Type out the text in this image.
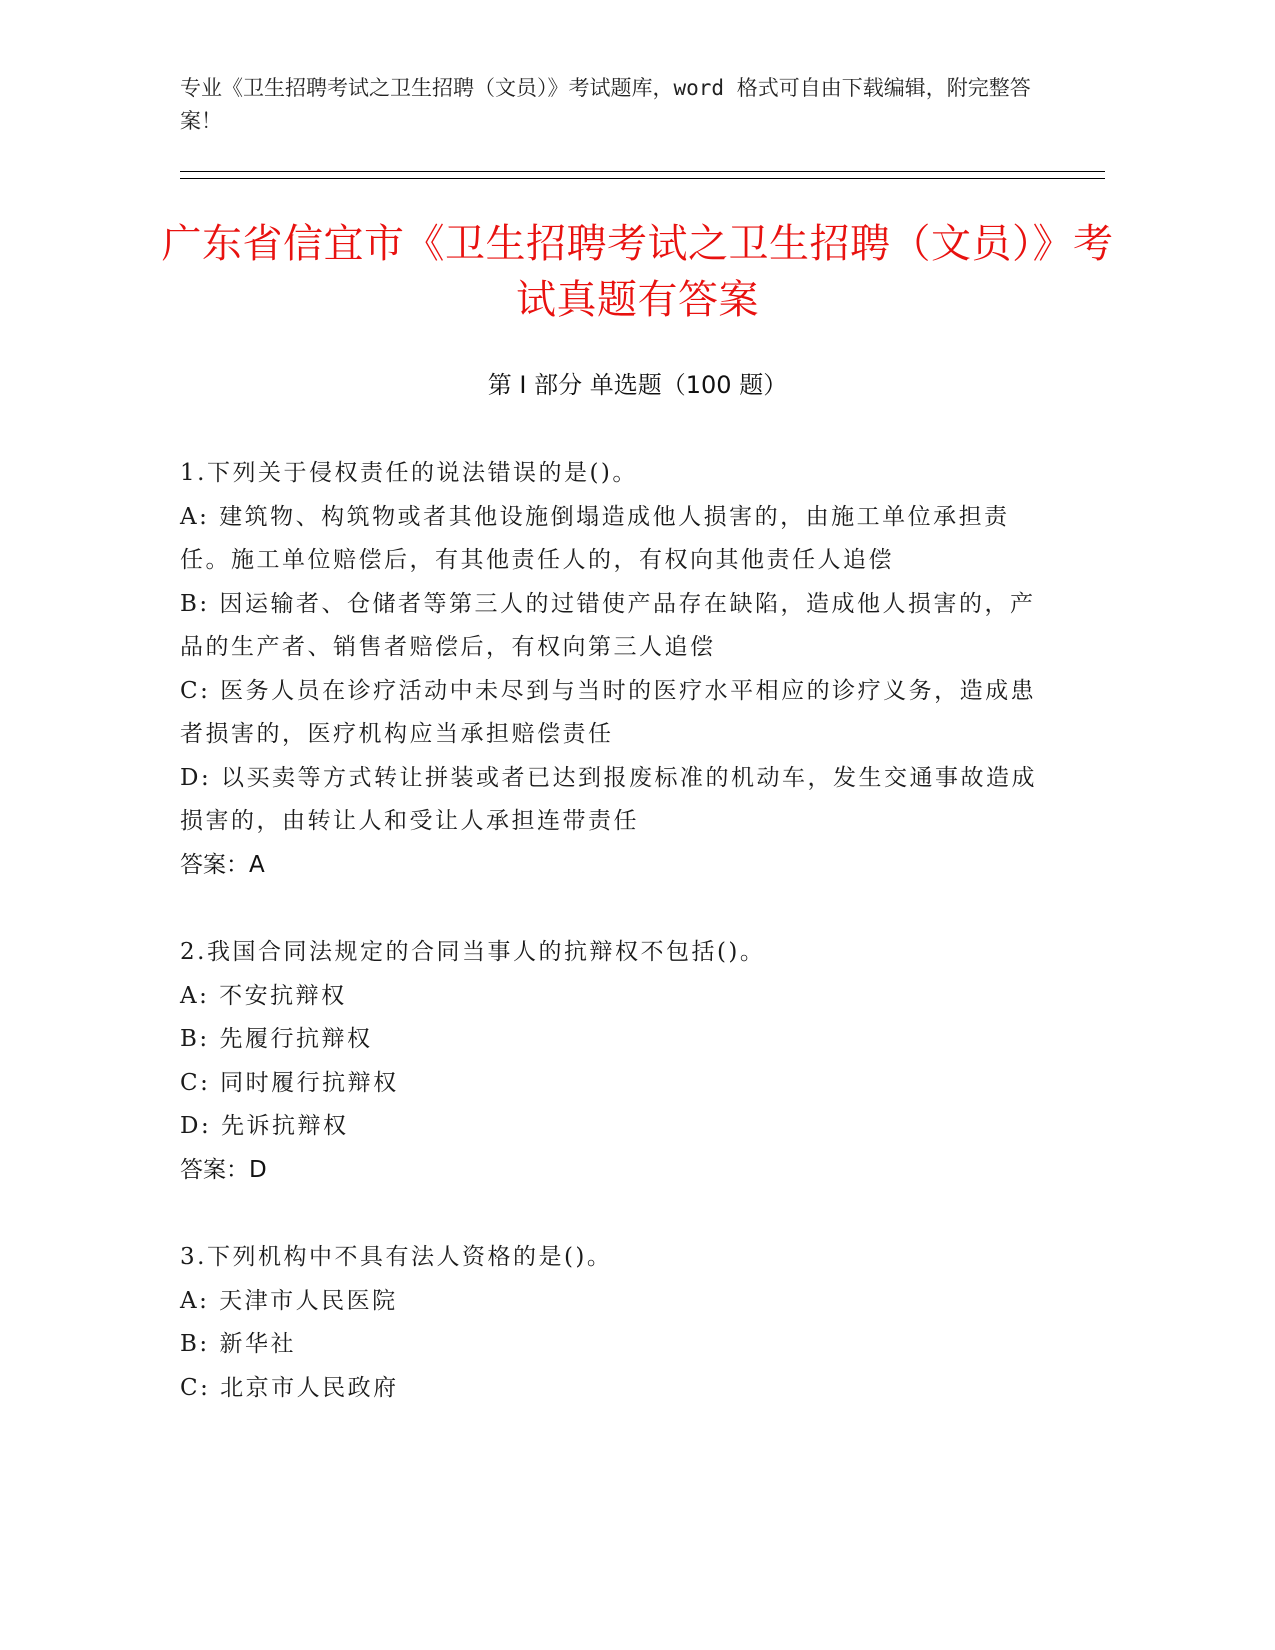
专业《卫生招聘考试之卫生招聘（文员）》考试题库，word 格式可自由下载编辑，附完整答案！
广东省信宜市《卫生招聘考试之卫生招聘（文员）》考试真题有答案
第 I 部分 单选题（100 题）
1.下列关于侵权责任的说法错误的是()。
A: 建筑物、构筑物或者其他设施倒塌造成他人损害的，由施工单位承担责任。施工单位赔偿后，有其他责任人的，有权向其他责任人追偿
B: 因运输者、仓储者等第三人的过错使产品存在缺陷，造成他人损害的，产品的生产者、销售者赔偿后，有权向第三人追偿
C: 医务人员在诊疗活动中未尽到与当时的医疗水平相应的诊疗义务，造成患者损害的，医疗机构应当承担赔偿责任
D: 以买卖等方式转让拼装或者已达到报废标准的机动车，发生交通事故造成损害的，由转让人和受让人承担连带责任
答案：A
2.我国合同法规定的合同当事人的抗辩权不包括()。
A: 不安抗辩权
B: 先履行抗辩权
C: 同时履行抗辩权
D: 先诉抗辩权
答案：D
3.下列机构中不具有法人资格的是()。
A: 天津市人民医院
B: 新华社
C: 北京市人民政府
